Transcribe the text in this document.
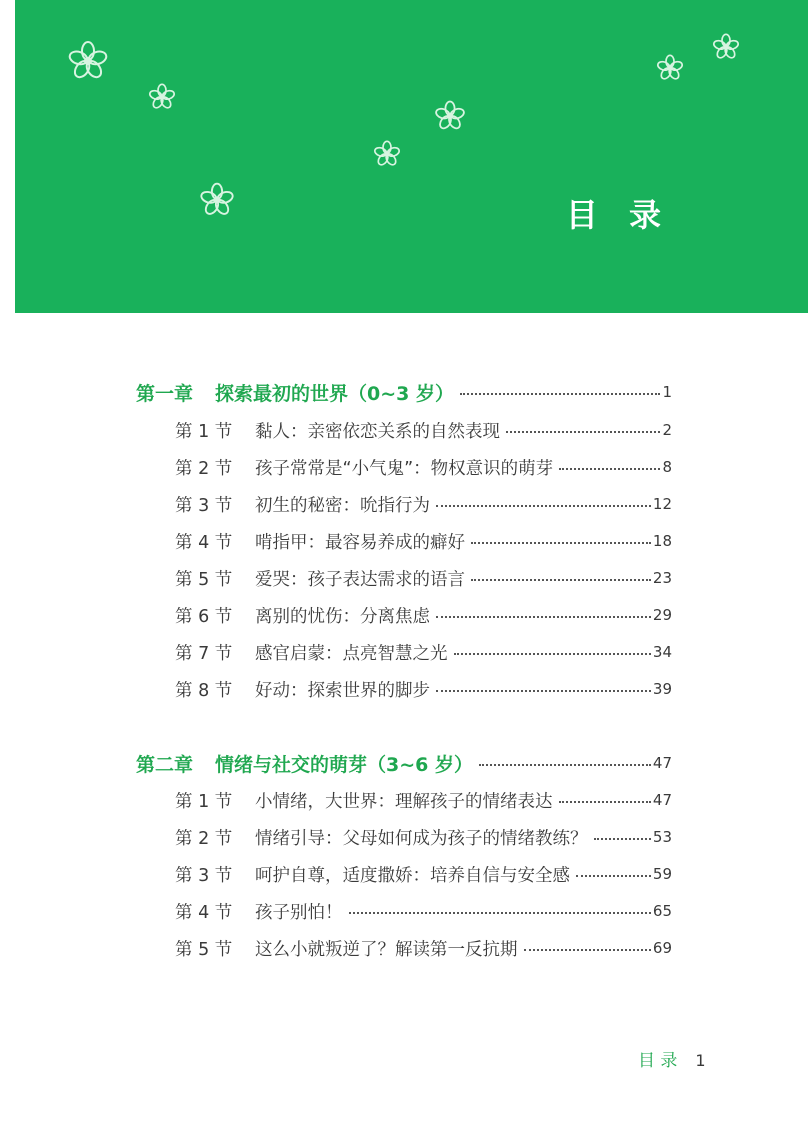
目 录
第一章 探索最初的世界（0~3 岁）	1
第 1 节	黏人：亲密依恋关系的自然表现	2
第 2 节	孩子常常是“小气鬼”：物权意识的萌芽	8
第 3 节	初生的秘密：吮指行为	12
第 4 节	啃指甲：最容易养成的癖好	18
第 5 节	爱哭：孩子表达需求的语言	23
第 6 节	离别的忧伤：分离焦虑	29
第 7 节	感官启蒙：点亮智慧之光	34
第 8 节	好动：探索世界的脚步	39
第二章 情绪与社交的萌芽（3~6 岁）	47
第 1 节	小情绪，大世界：理解孩子的情绪表达	47
第 2 节	情绪引导：父母如何成为孩子的情绪教练？	53
第 3 节	呵护自尊，适度撒娇：培养自信与安全感	59
第 4 节	孩子别怕！	65
第 5 节	这么小就叛逆了？解读第一反抗期	69
目 录 1
